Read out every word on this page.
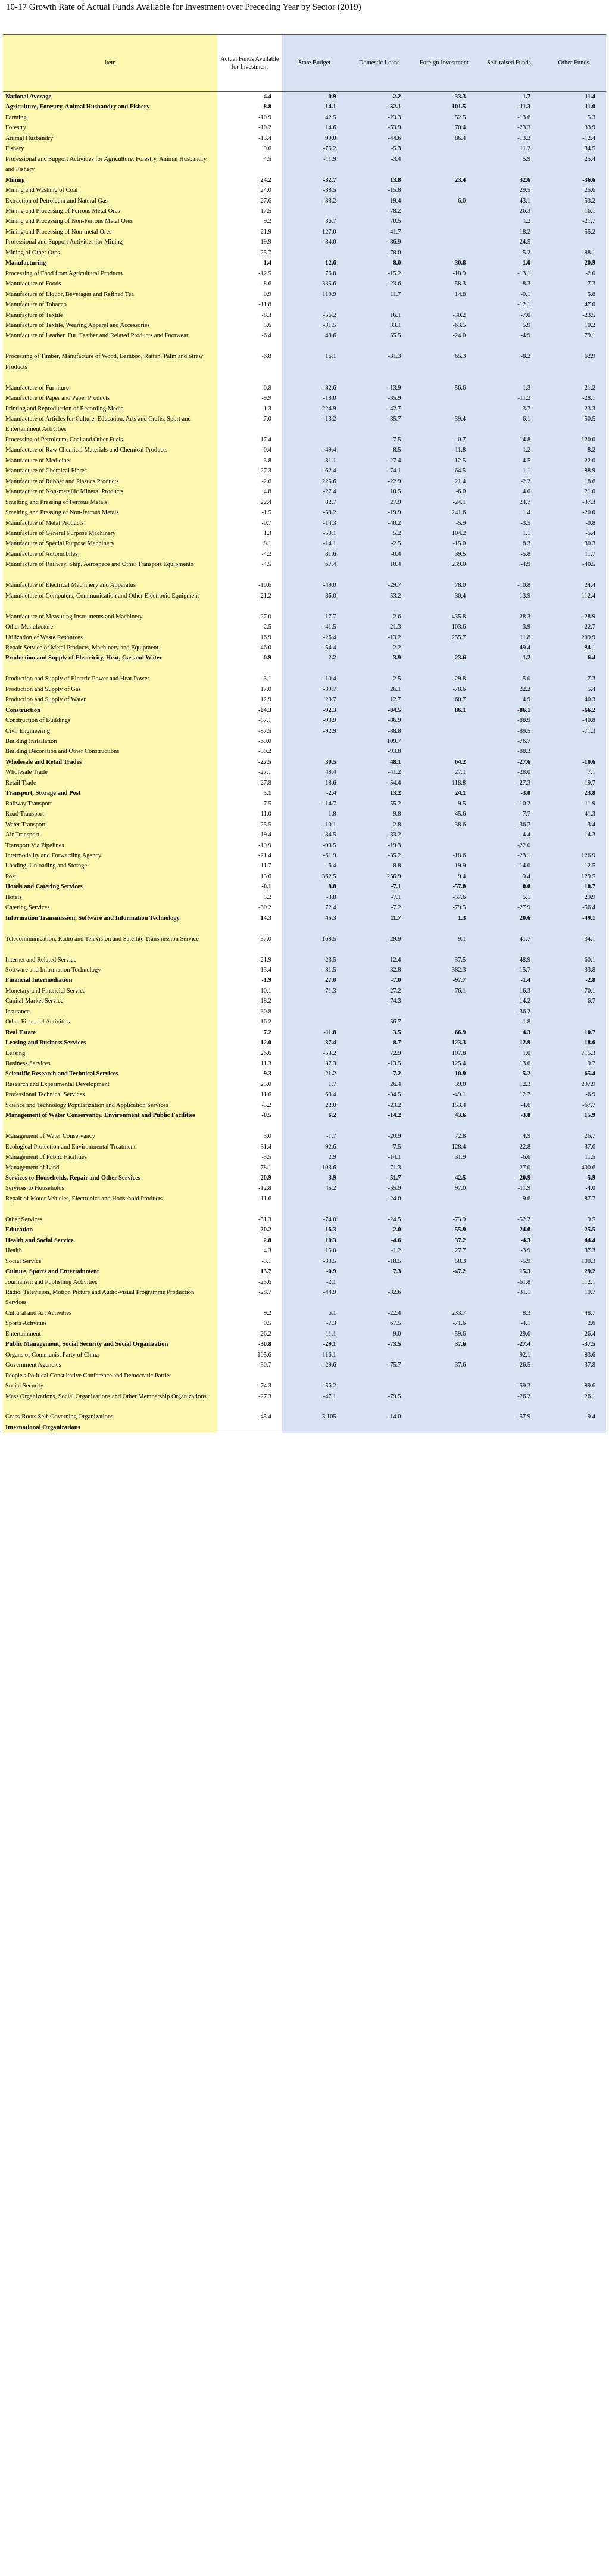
10-17 Growth Rate of Actual Funds Available for Investment over Preceding Year by Sector (2019)
Item	Actual Funds Available for Investment	State Budget	Domestic Loans	Foreign Investment	Self-raised Funds	Other Funds
National Average	4.4	-0.9	2.2	33.3	1.7	11.4
Agriculture, Forestry, Animal Husbandry and Fishery	-8.8	14.1	-32.1	101.5	-11.3	11.0
Farming	-10.9	42.5	-23.3	52.5	-13.6	5.3
Forestry	-10.2	14.6	-53.9	70.4	-23.3	33.9
Animal Husbandry	-13.4	99.0	-44.6	86.4	-13.2	-12.4
Fishery	9.6	-75.2	-5.3		11.2	34.5
Professional and Support Activities for Agriculture, Forestry, Animal Husbandry and Fishery	4.5	-11.9	-3.4		5.9	25.4
Mining	24.2	-32.7	13.8	23.4	32.6	-36.6
Mining and Washing of Coal	24.0	-38.5	-15.8		29.5	25.6
Extraction of Petroleum and Natural Gas	27.6	-33.2	19.4	6.0	43.1	-53.2
Mining and Processing of Ferrous Metal Ores	17.5		-78.2		26.3	-16.1
Mining and Processing of Non-Ferrous Metal Ores	9.2	36.7	70.5		1.2	-21.7
Mining and Processing of Non-metal Ores	21.9	127.0	41.7		18.2	55.2
Professional and Support Activities for Mining	19.9	-84.0	-86.9		24.5	
Mining of Other Ores	-25.7		-78.0		-5.2	-88.1
Manufacturing	1.4	12.6	-8.0	30.8	1.0	20.9
Processing of Food from Agricultural Products	-12.5	76.8	-15.2	-18.9	-13.1	-2.0
Manufacture of Foods	-8.6	335.6	-23.6	-58.3	-8.3	7.3
Manufacture of Liquor, Beverages and Refined Tea	0.9	119.9	11.7	14.8	-0.1	5.8
Manufacture of Tobacco	-11.8				-12.1	47.0
Manufacture of Textile	-8.3	-56.2	16.1	-30.2	-7.0	-23.5
Manufacture of Textile, Wearing Apparel and Accessories	5.6	-31.5	33.1	-63.5	5.9	10.2
Manufacture of Leather, Fur, Feather and Related Products and Footwear	-6.4	48.6	55.5	-24.0	-4.9	79.1
Processing of Timber, Manufacture of Wood, Bamboo, Rattan, Palm and Straw Products	-6.8	16.1	-31.3	65.3	-8.2	62.9
Manufacture of Furniture	0.8	-32.6	-13.9	-56.6	1.3	21.2
Manufacture of Paper and Paper Products	-9.9	-18.0	-35.9		-11.2	-28.1
Printing and Reproduction of Recording Media	1.3	224.9	-42.7		3.7	23.3
Manufacture of Articles for Culture, Education, Arts and Crafts, Sport and Entertainment Activities	-7.0	-13.2	-35.7	-39.4	-6.1	50.5
Processing of Petroleum, Coal and Other Fuels	17.4		7.5	-0.7	14.8	120.0
Manufacture of Raw Chemical Materials and Chemical Products	-0.4	-49.4	-8.5	-11.8	1.2	8.2
Manufacture of Medicines	3.8	81.1	-27.4	-12.5	4.5	22.0
Manufacture of Chemical Fibres	-27.3	-62.4	-74.1	-64.5	1.1	88.9
Manufacture of Rubber and Plastics Products	-2.6	225.6	-22.9	21.4	-2.2	18.6
Manufacture of Non-metallic Mineral Products	4.8	-27.4	10.5	-6.0	4.0	21.0
Smelting and Pressing of Ferrous Metals	22.4	82.7	27.9	-24.1	24.7	-37.3
Smelting and Pressing of Non-ferrous Metals	-1.5	-58.2	-19.9	241.6	1.4	-20.0
Manufacture of Metal Products	-0.7	-14.3	-40.2	-5.9	-3.5	-0.8
Manufacture of General Purpose Machinery	1.3	-50.1	5.2	104.2	1.1	-5.4
Manufacture of Special Purpose Machinery	8.1	-14.1	-2.5	-15.0	8.3	30.3
Manufacture of Automobiles	-4.2	81.6	-0.4	39.5	-5.8	11.7
Manufacture of Railway, Ship, Aerospace and Other Transport Equipments	-4.5	67.4	10.4	239.0	-4.9	-40.5
Manufacture of Electrical Machinery and Apparatus	-10.6	-49.0	-29.7	78.0	-10.8	24.4
Manufacture of Computers, Communication and Other Electronic Equipment	21.2	86.0	53.2	30.4	13.9	112.4
Manufacture of Measuring Instruments and Machinery	27.0	17.7	2.6	435.8	28.3	-28.9
Other Manufacture	2.5	-41.5	21.3	103.6	3.9	-22.7
Utilization of Waste Resources	16.9	-26.4	-13.2	255.7	11.8	209.9
Repair Service of Metal Products, Machinery and Equipment	46.0	-54.4	2.2		49.4	84.1
Production and Supply of Electricity, Heat, Gas and Water	0.9	2.2	3.9	23.6	-1.2	6.4
Production and Supply of Electric Power and Heat Power	-3.1	-10.4	2.5	29.8	-5.0	-7.3
Production and Supply of Gas	17.0	-39.7	26.1	-78.6	22.2	5.4
Production and Supply of Water	12.9	23.7	12.7	60.7	4.9	40.3
Construction	-84.3	-92.3	-84.5	86.1	-86.1	-66.2
Construction of Buildings	-87.1	-93.9	-86.9		-88.9	-40.8
Civil Engineering	-87.5	-92.9	-88.8		-89.5	-71.3
Building Installation	-69.0		109.7		-76.7	
Building Decoration and Other Constructions	-90.2		-93.8		-88.3	
Wholesale and Retail Trades	-27.5	30.5	48.1	64.2	-27.6	-10.6
Wholesale Trade	-27.1	48.4	-41.2	27.1	-28.0	7.1
Retail Trade	-27.8	18.6	-54.4	118.8	-27.3	-19.7
Transport, Storage and Post	5.1	-2.4	13.2	24.1	-3.0	23.8
Railway Transport	7.5	-14.7	55.2	9.5	-10.2	-11.9
Road Transport	11.0	1.8	9.8	45.6	7.7	41.3
Water Transport	-25.5	-10.1	-2.8	-38.6	-36.7	3.4
Air Transport	-19.4	-34.5	-33.2		-4.4	14.3
Transport Via Pipelines	-19.9	-93.5	-19.3		-22.0	
Intermodality and Forwarding Agency	-21.4	-61.9	-35.2	-18.6	-23.1	126.9
Loading, Unloading and Storage	-11.7	-6.4	8.8	19.9	-14.0	-12.5
Post	13.6	362.5	256.9	9.4	9.4	129.5
Hotels and Catering Services	-0.1	8.8	-7.1	-57.8	0.0	10.7
Hotels	5.2	-3.8	-7.1	-57.6	5.1	29.9
Catering Services	-30.2	72.4	-7.2	-79.5	-27.9	-56.4
Information Transmission, Software and Information Technology	14.3	45.3	11.7	1.3	20.6	-49.1
Telecommunication, Radio and Television and Satellite Transmission Service	37.0	168.5	-29.9	9.1	41.7	-34.1
Internet and Related Service	21.9	23.5	12.4	-37.5	48.9	-60.1
Software and Information Technology	-13.4	-31.5	32.8	382.3	-15.7	-33.8
Financial Intermediation	-1.9	27.0	-7.0	-97.7	-1.4	-2.8
Monetary and Financial Service	10.1	71.3	-27.2	-76.1	16.3	-70.1
Capital Market Service	-18.2		-74.3		-14.2	-6.7
Insurance	-30.8				-36.2	
Other Financial Activities	16.2		56.7		-1.8	
Real Estate	7.2	-11.8	3.5	66.9	4.3	10.7
Leasing and Business Services	12.0	37.4	-8.7	123.3	12.9	18.6
Leasing	26.6	-53.2	72.9	107.8	1.0	715.3
Business Services	11.3	37.3	-13.5	125.4	13.6	9.7
Scientific Research and Technical Services	9.3	21.2	-7.2	10.9	5.2	65.4
Research and Experimental Development	25.0	1.7	26.4	39.0	12.3	297.9
Professional Technical Services	11.6	63.4	-34.5	-49.1	12.7	-6.9
Science and Technology Popularization and Application Services	-5.2	22.0	-23.2	153.4	-4.6	-67.7
Management of Water Conservancy, Environment and Public Facilities	-0.5	6.2	-14.2	43.6	-3.8	15.9
Management of Water Conservancy	3.0	-1.7	-20.9	72.8	4.9	26.7
Ecological Protection and Environmental Treatment	31.4	92.6	-7.5	128.4	22.8	37.6
Management of Public Facilities	-3.5	2.9	-14.1	31.9	-6.6	11.5
Management of Land	78.1	103.6	71.3		27.0	400.6
Services to Households, Repair and Other Services	-20.9	3.9	-51.7	42.5	-20.9	-5.9
Services to Households	-12.8	45.2	-55.9	97.0	-11.9	-4.0
Repair of Motor Vehicles, Electronics and Household Products	-11.6		-24.0		-9.6	-87.7
Other Services	-51.3	-74.0	-24.5	-73.9	-52.2	9.5
Education	20.2	16.3	-2.0	55.9	24.0	25.5
Health and Social Service	2.8	10.3	-4.6	37.2	-4.3	44.4
Health	4.3	15.0	-1.2	27.7	-3.9	37.3
Social Service	-3.1	-33.5	-18.5	58.3	-5.9	100.3
Culture, Sports and Entertainment	13.7	-0.9	7.3	-47.2	15.3	29.2
Journalism and Publishing Activities	-25.6	-2.1			-61.8	112.1
Radio, Television, Motion Picture and Audio-visual Programme Production Services	-28.7	-44.9	-32.6		-31.1	19.7
Cultural and Art Activities	9.2	6.1	-22.4	233.7	8.3	48.7
Sports Activities	0.5	-7.3	67.5	-71.6	-4.1	2.6
Entertainment	26.2	11.1	9.0	-59.6	29.6	26.4
Public Management, Social Security and Social Organization	-30.8	-29.1	-73.5	37.6	-27.4	-37.5
Organs of Communist Party of China	105.6	116.1			92.1	83.6
Government Agencies	-30.7	-29.6	-75.7	37.6	-26.5	-37.8
People's Political Consultative Conference and Democratic Parties						
Social Security	-74.3	-56.2			-59.3	-89.6
Mass Organizations, Social Organizations and Other Membership Organizations	-27.3	-47.1	-79.5		-26.2	26.1
Grass-Roots Self-Governing Organizations	-45.4	3 105	-14.0		-57.9	-9.4
International Organizations						
